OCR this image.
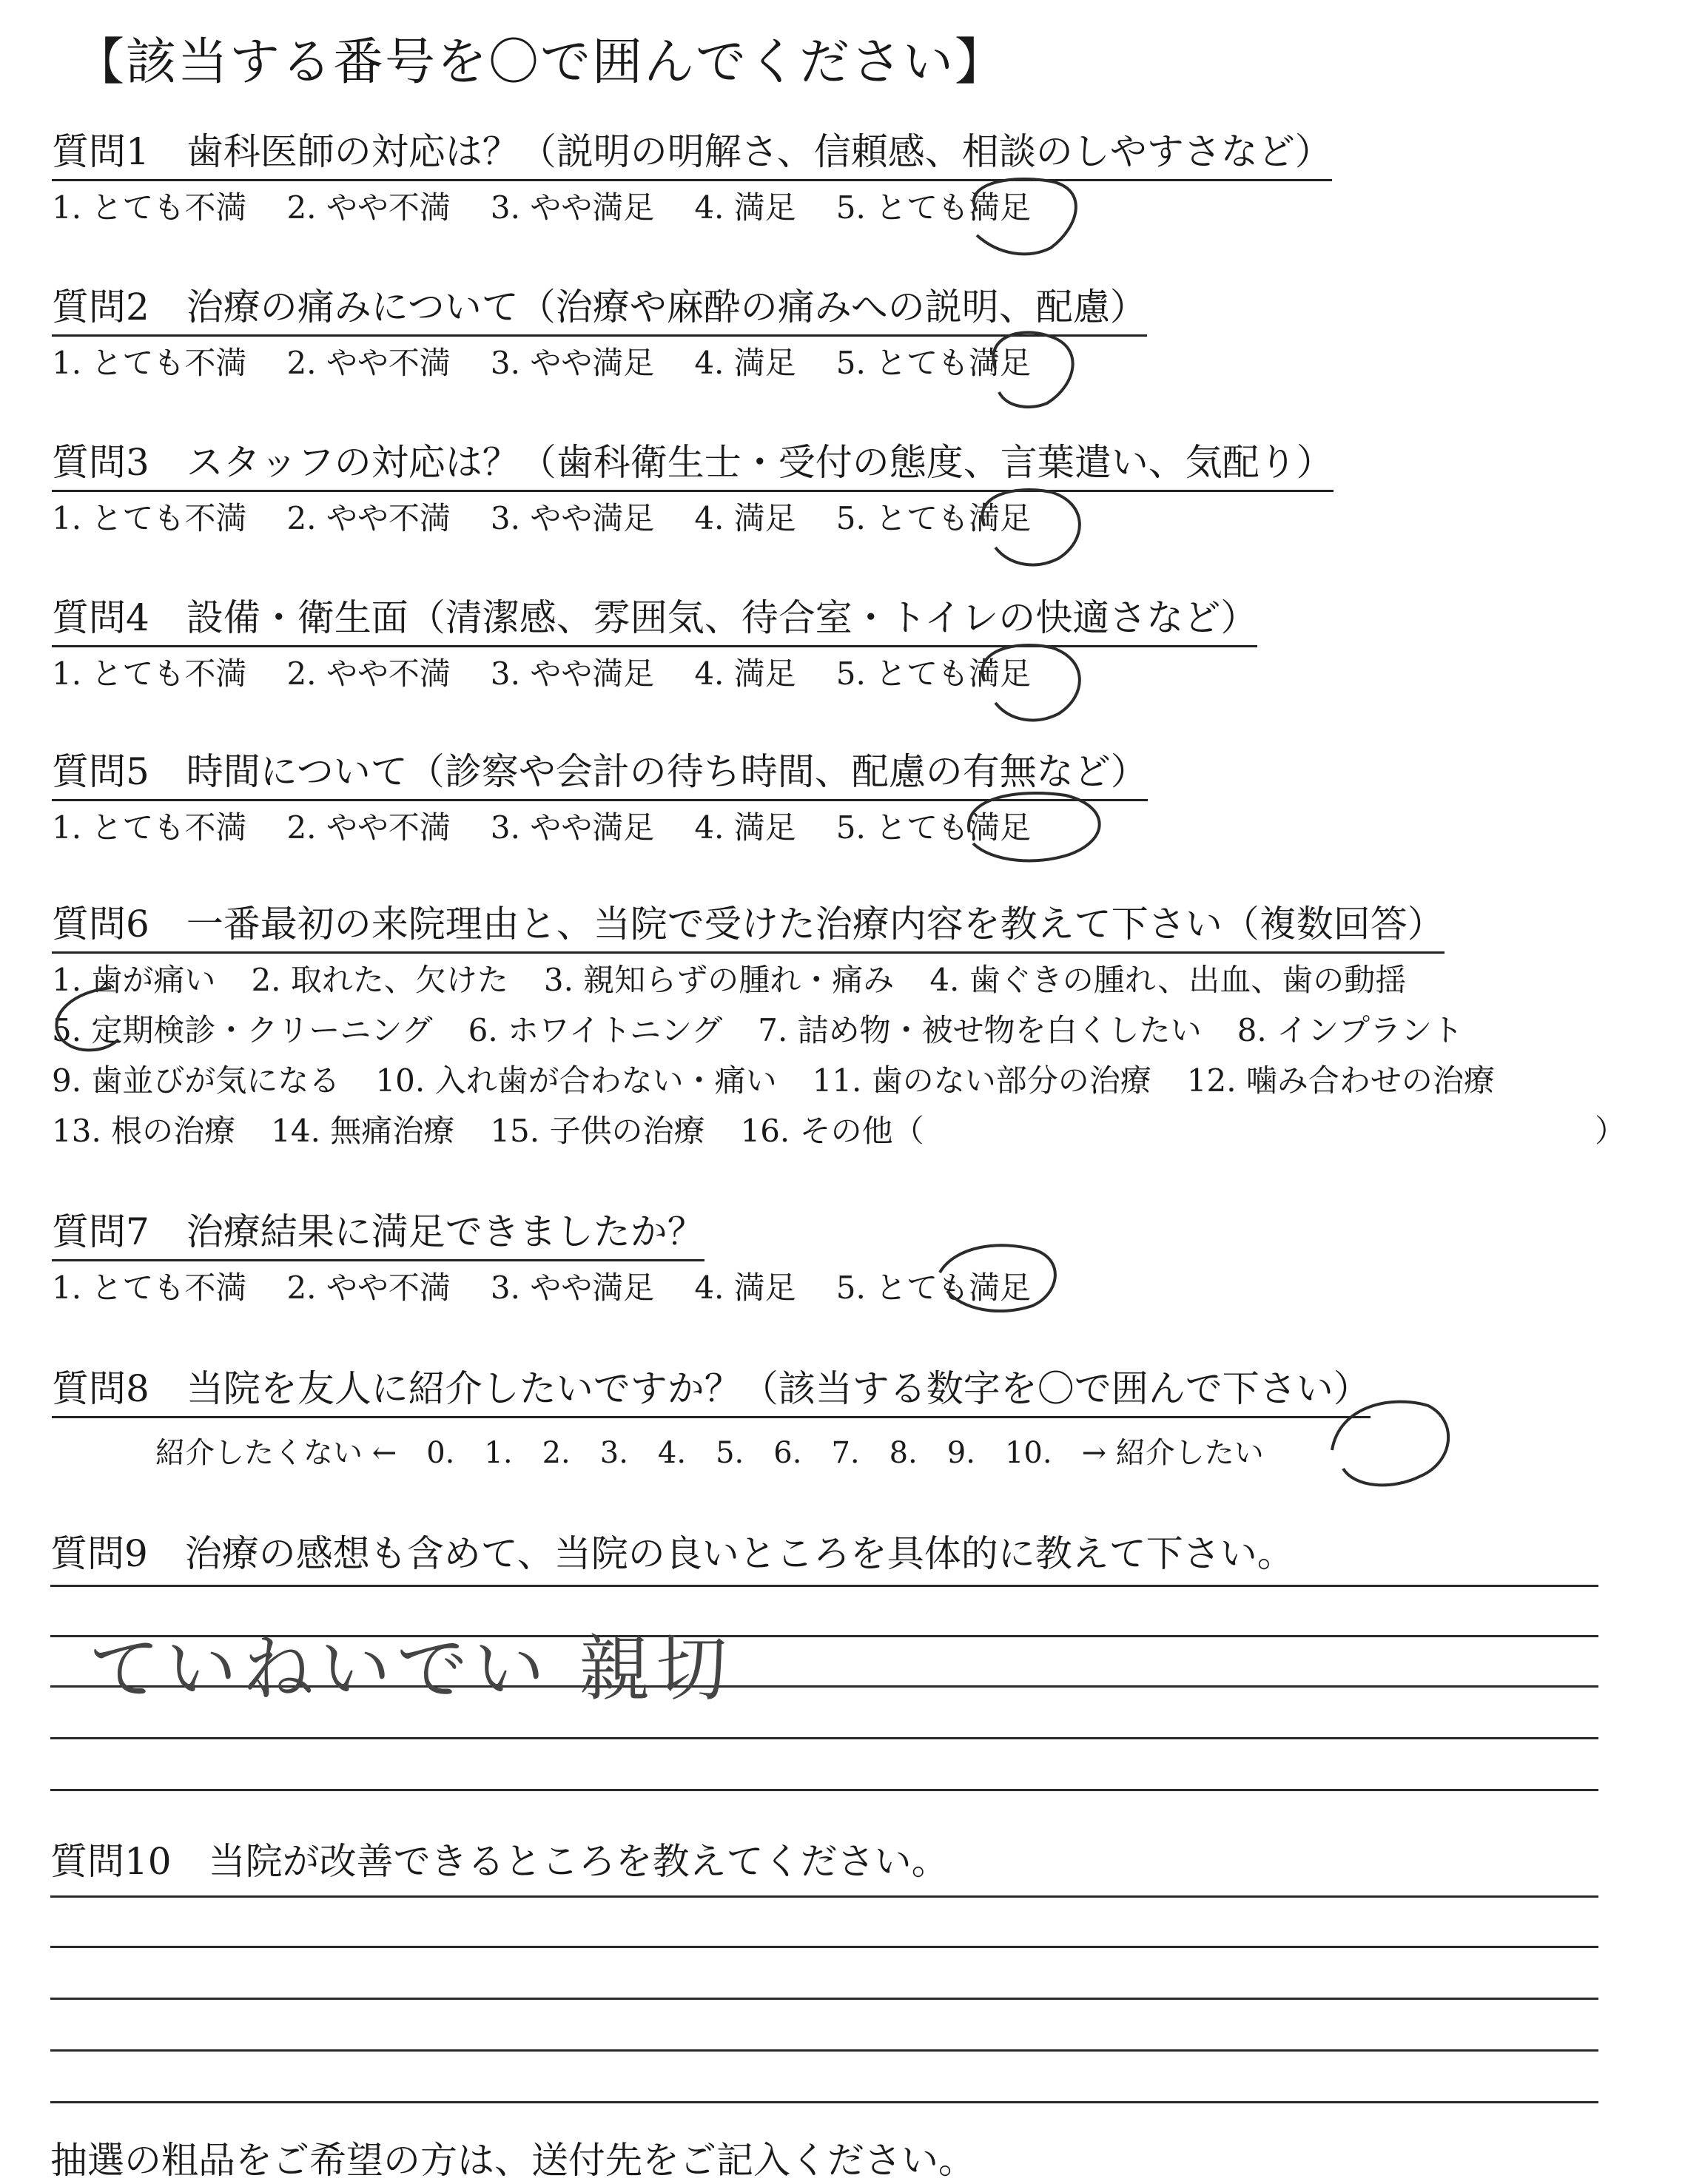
【該当する番号を〇で囲んでください】
質問1　歯科医師の対応は？（説明の明解さ、信頼感、相談のしやすさなど）
1. とても不満 2. やや不満 3. やや満足 4. 満足 5. とても満足
質問2　治療の痛みについて（治療や麻酔の痛みへの説明、配慮）
1. とても不満 2. やや不満 3. やや満足 4. 満足 5. とても満足
質問3　スタッフの対応は？（歯科衛生士・受付の態度、言葉遣い、気配り）
1. とても不満 2. やや不満 3. やや満足 4. 満足 5. とても満足
質問4　設備・衛生面（清潔感、雰囲気、待合室・トイレの快適さなど）
1. とても不満 2. やや不満 3. やや満足 4. 満足 5. とても満足
質問5　時間について（診察や会計の待ち時間、配慮の有無など）
1. とても不満 2. やや不満 3. やや満足 4. 満足 5. とても満足
質問6　一番最初の来院理由と、当院で受けた治療内容を教えて下さい（複数回答）
1. 歯が痛い 2. 取れた、欠けた 3. 親知らずの腫れ・痛み 4. 歯ぐきの腫れ、出血、歯の動揺
5. 定期検診・クリーニング 6. ホワイトニング 7. 詰め物・被せ物を白くしたい 8. インプラント
9. 歯並びが気になる 10. 入れ歯が合わない・痛い 11. 歯のない部分の治療 12. 噛み合わせの治療
13. 根の治療 14. 無痛治療 15. 子供の治療 16. その他（	）
質問7　治療結果に満足できましたか？
1. とても不満 2. やや不満 3. やや満足 4. 満足 5. とても満足
質問8　当院を友人に紹介したいですか？（該当する数字を〇で囲んで下さい）
紹介したくない ← 0. 1. 2. 3. 4. 5. 6. 7. 8. 9. 10. → 紹介したい
質問9　治療の感想も含めて、当院の良いところを具体的に教えて下さい。
ていねいでい 親切
質問10　当院が改善できるところを教えてください。
抽選の粗品をご希望の方は、送付先をご記入ください。
